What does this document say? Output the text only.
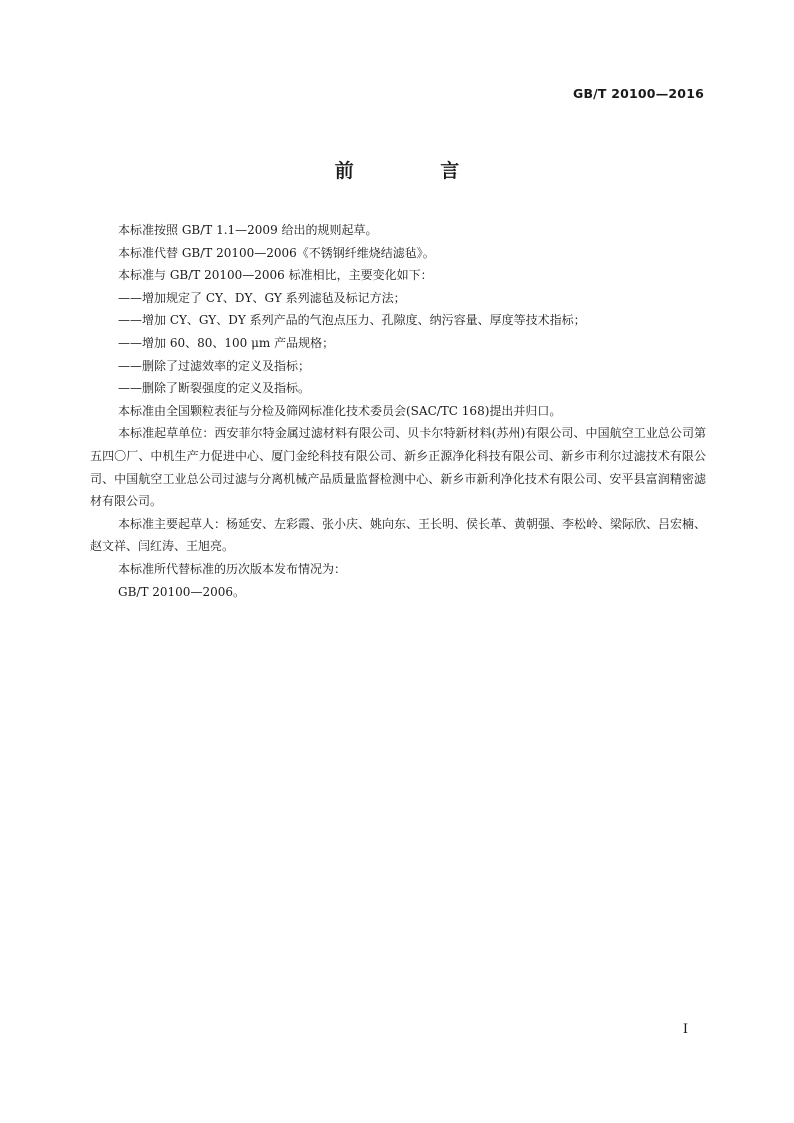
GB/T 20100—2016
前 言

本标准按照 GB/T 1.1—2009 给出的规则起草。

本标准代替 GB/T 20100—2006《不锈钢纤维烧结滤毡》。

本标准与 GB/T 20100—2006 标准相比，主要变化如下：

——增加规定了 CY、DY、GY 系列滤毡及标记方法；

——增加 CY、GY、DY 系列产品的气泡点压力、孔隙度、纳污容量、厚度等技术指标；

——增加 60、80、100 μm 产品规格；

——删除了过滤效率的定义及指标；

——删除了断裂强度的定义及指标。

本标准由全国颗粒表征与分检及筛网标准化技术委员会(SAC/TC 168)提出并归口。

本标准起草单位：西安菲尔特金属过滤材料有限公司、贝卡尔特新材料(苏州)有限公司、中国航空工业总公司第五四〇厂、中机生产力促进中心、厦门金纶科技有限公司、新乡正源净化科技有限公司、新乡市利尔过滤技术有限公司、中国航空工业总公司过滤与分离机械产品质量监督检测中心、新乡市新利净化技术有限公司、安平县富润精密滤材有限公司。

本标准主要起草人：杨延安、左彩霞、张小庆、姚向东、王长明、侯长革、黄朝强、李松岭、梁际欣、吕宏楠、赵文祥、闫红涛、王旭亮。

本标准所代替标准的历次版本发布情况为：

GB/T 20100—2006。

I
